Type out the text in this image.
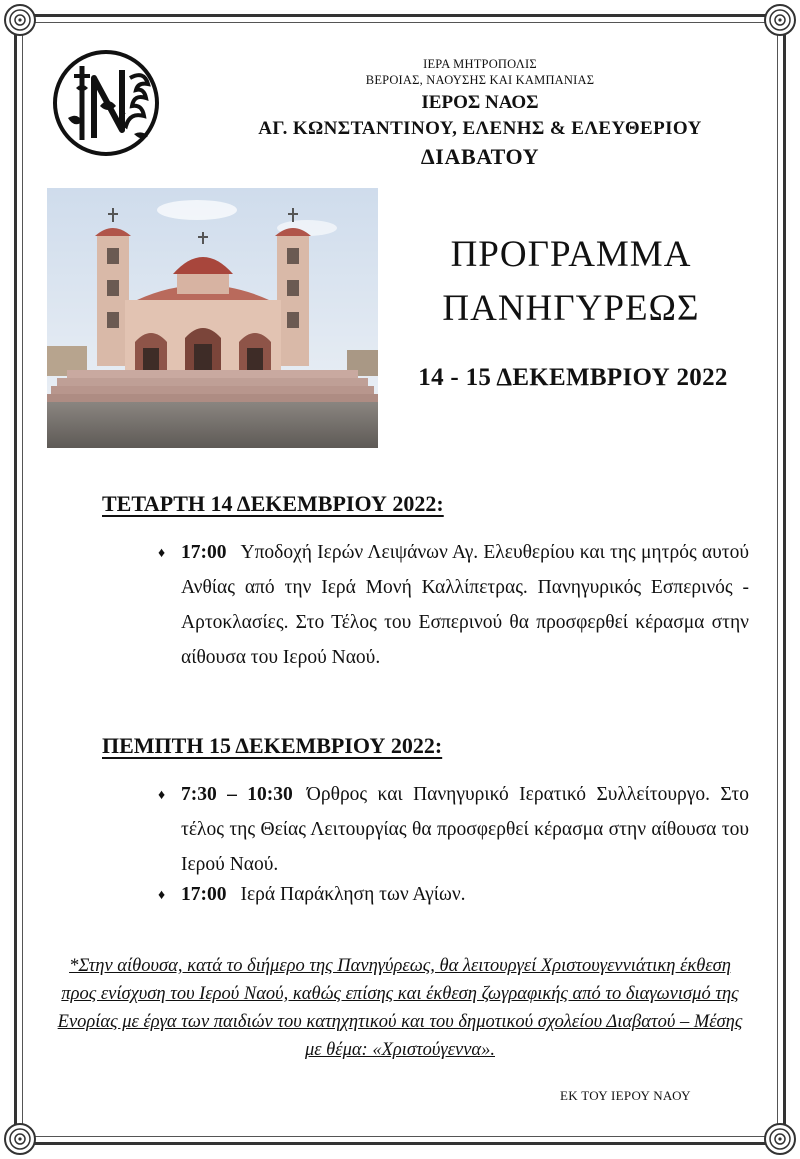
ΙΕΡΑ ΜΗΤΡΟΠΟΛΙΣ
ΒΕΡΟΙΑΣ, ΝΑΟΥΣΗΣ ΚΑΙ ΚΑΜΠΑΝΙΑΣ
ΙΕΡΟΣ ΝΑΟΣ
ΑΓ. ΚΩΝΣΤΑΝΤΙΝΟΥ, ΕΛΕΝΗΣ & ΕΛΕΥΘΕΡΙΟΥ
ΔΙΑΒΑΤΟΥ
ΠΡΟΓΡΑΜΜΑ
ΠΑΝΗΓΥΡΕΩΣ
14 - 15 ΔΕΚΕΜΒΡΙΟΥ 2022
ΤΕΤΑΡΤΗ 14 ΔΕΚΕΜΒΡΙΟΥ 2022:
♦ 17:00 Υποδοχή Ιερών Λειψάνων Αγ. Ελευθερίου και της μητρός αυτού Ανθίας από την Ιερά Μονή Καλλίπετρας. Πανηγυρικός Εσπερινός - Αρτοκλασίες. Στο Τέλος του Εσπερινού θα προσφερθεί κέρασμα στην αίθουσα του Ιερού Ναού.
ΠΕΜΠΤΗ 15 ΔΕΚΕΜΒΡΙΟΥ 2022:
♦ 7:30 – 10:30 Όρθρος και Πανηγυρικό Ιερατικό Συλλείτουργο. Στο τέλος της Θείας Λειτουργίας θα προσφερθεί κέρασμα στην αίθουσα του Ιερού Ναού.
♦ 17:00 Ιερά Παράκληση των Αγίων.
*Στην αίθουσα, κατά το διήμερο της Πανηγύρεως, θα λειτουργεί Χριστουγεννιάτικη έκθεση προς ενίσχυση του Ιερού Ναού, καθώς επίσης και έκθεση ζωγραφικής από το διαγωνισμό της Ενορίας με έργα των παιδιών του κατηχητικού και του δημοτικού σχολείου Διαβατού – Μέσης με θέμα: «Χριστούγεννα».
ΕΚ ΤΟΥ ΙΕΡΟΥ ΝΑΟΥ
